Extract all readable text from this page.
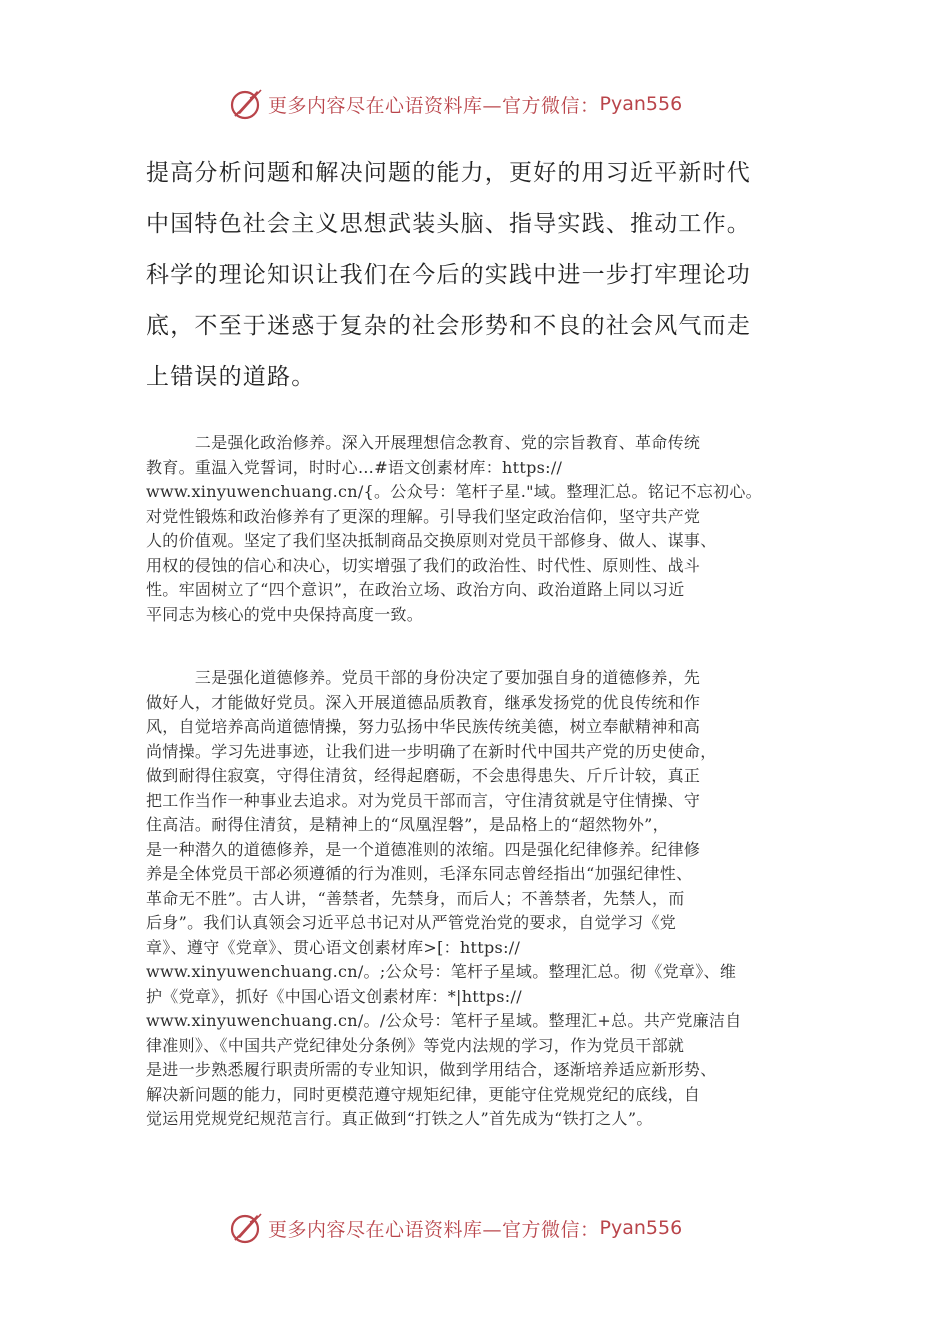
更多内容尽在心语资料库—官方微信： Pyan556

提高分析问题和解决问题的能力，更好的用习近平新时代

中国特色社会主义思想武装头脑、指导实践、推动工作。

科学的理论知识让我们在今后的实践中进一步打牢理论功

底，不至于迷惑于复杂的社会形势和不良的社会风气而走

上错误的道路。

　　　二是强化政治修养。深入开展理想信念教育、党的宗旨教育、革命传统

教育。重温入党誓词，时时心…#语文创素材库：https://

www.xinyuwenchuang.cn/{。公众号：笔杆子星."域。整理汇总。铭记不忘初心。

对党性锻炼和政治修养有了更深的理解。引导我们坚定政治信仰，坚守共产党

人的价值观。坚定了我们坚决抵制商品交换原则对党员干部修身、做人、谋事、

用权的侵蚀的信心和决心，切实增强了我们的政治性、时代性、原则性、战斗

性。牢固树立了“四个意识”，在政治立场、政治方向、政治道路上同以习近

平同志为核心的党中央保持高度一致。

　　　三是强化道德修养。党员干部的身份决定了要加强自身的道德修养，先

做好人，才能做好党员。深入开展道德品质教育，继承发扬党的优良传统和作

风，自觉培养高尚道德情操，努力弘扬中华民族传统美德，树立奉献精神和高

尚情操。学习先进事迹，让我们进一步明确了在新时代中国共产党的历史使命，

做到耐得住寂寞，守得住清贫，经得起磨砺，不会患得患失、斤斤计较，真正

把工作当作一种事业去追求。对为党员干部而言，守住清贫就是守住情操、守

住高洁。耐得住清贫，是精神上的“凤凰涅磐”，是品格上的“超然物外”，

是一种潜久的道德修养，是一个道德准则的浓缩。四是强化纪律修养。纪律修

养是全体党员干部必须遵循的行为准则，毛泽东同志曾经指出“加强纪律性、

革命无不胜”。古人讲，“善禁者，先禁身，而后人；不善禁者，先禁人，而

后身”。我们认真领会习近平总书记对从严管党治党的要求，自觉学习《党

章》、遵守《党章》、贯心语文创素材库>[：https://

www.xinyuwenchuang.cn/。;公众号：笔杆子星域。整理汇总。彻《党章》、维

护《党章》，抓好《中国心语文创素材库：*|https://

www.xinyuwenchuang.cn/。/公众号：笔杆子星域。整理汇+总。共产党廉洁自

律准则》、《中国共产党纪律处分条例》等党内法规的学习，作为党员干部就

是进一步熟悉履行职责所需的专业知识，做到学用结合，逐渐培养适应新形势、

解决新问题的能力，同时更模范遵守规矩纪律，更能守住党规党纪的底线，自

觉运用党规党纪规范言行。真正做到“打铁之人”首先成为“铁打之人”。

更多内容尽在心语资料库—官方微信： Pyan556
